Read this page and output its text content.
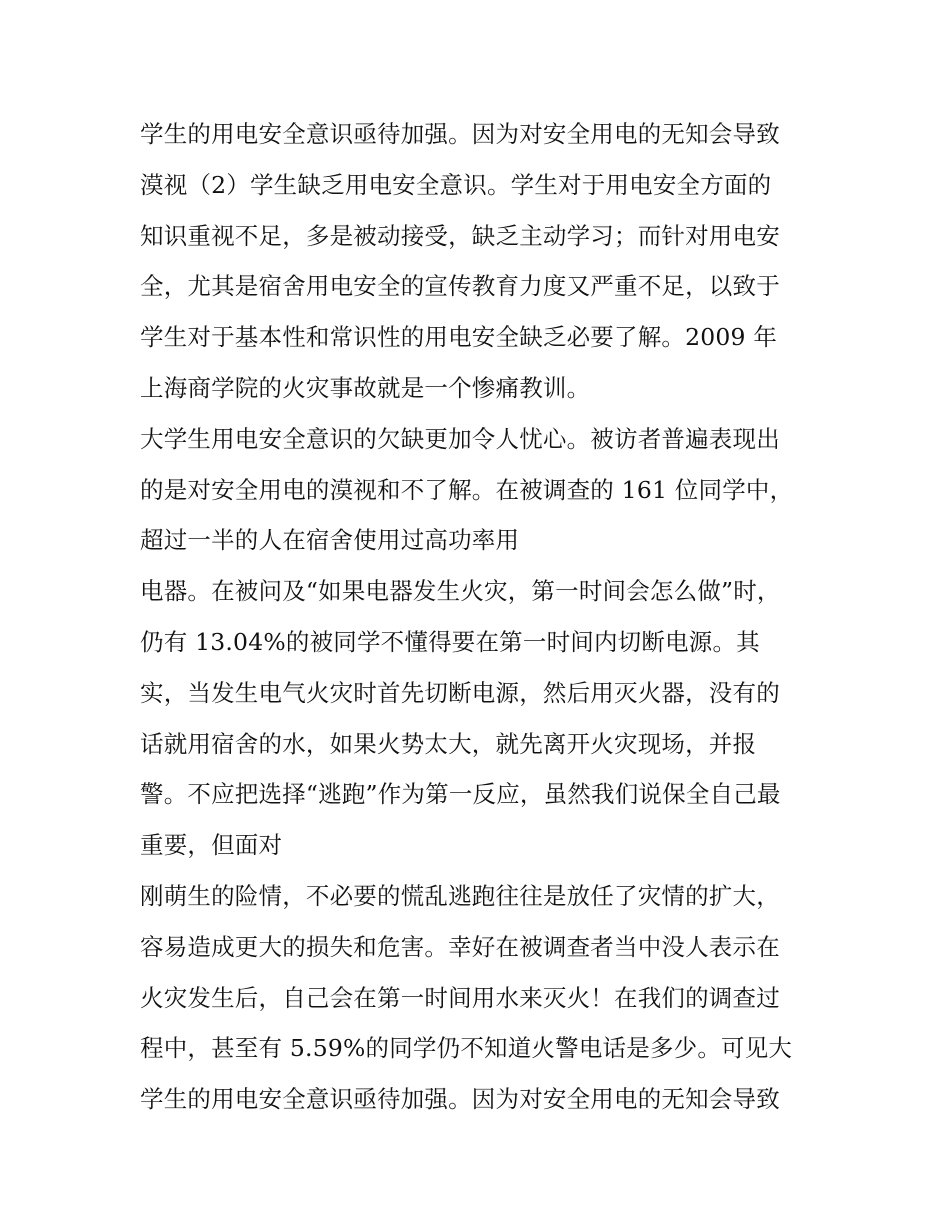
学生的用电安全意识亟待加强。因为对安全用电的无知会导致
漠视（2）学生缺乏用电安全意识。学生对于用电安全方面的
知识重视不足，多是被动接受，缺乏主动学习；而针对用电安
全，尤其是宿舍用电安全的宣传教育力度又严重不足，以致于
学生对于基本性和常识性的用电安全缺乏必要了解。2009 年
上海商学院的火灾事故就是一个惨痛教训。
大学生用电安全意识的欠缺更加令人忧心。被访者普遍表现出
的是对安全用电的漠视和不了解。在被调查的 161 位同学中，
超过一半的人在宿舍使用过高功率用
电器。在被问及“如果电器发生火灾，第一时间会怎么做”时，
仍有 13.04%的被同学不懂得要在第一时间内切断电源。其
实，当发生电气火灾时首先切断电源，然后用灭火器，没有的
话就用宿舍的水，如果火势太大，就先离开火灾现场，并报
警。不应把选择“逃跑”作为第一反应，虽然我们说保全自己最
重要，但面对
刚萌生的险情，不必要的慌乱逃跑往往是放任了灾情的扩大，
容易造成更大的损失和危害。幸好在被调查者当中没人表示在
火灾发生后，自己会在第一时间用水来灭火！在我们的调查过
程中，甚至有 5.59%的同学仍不知道火警电话是多少。可见大
学生的用电安全意识亟待加强。因为对安全用电的无知会导致
